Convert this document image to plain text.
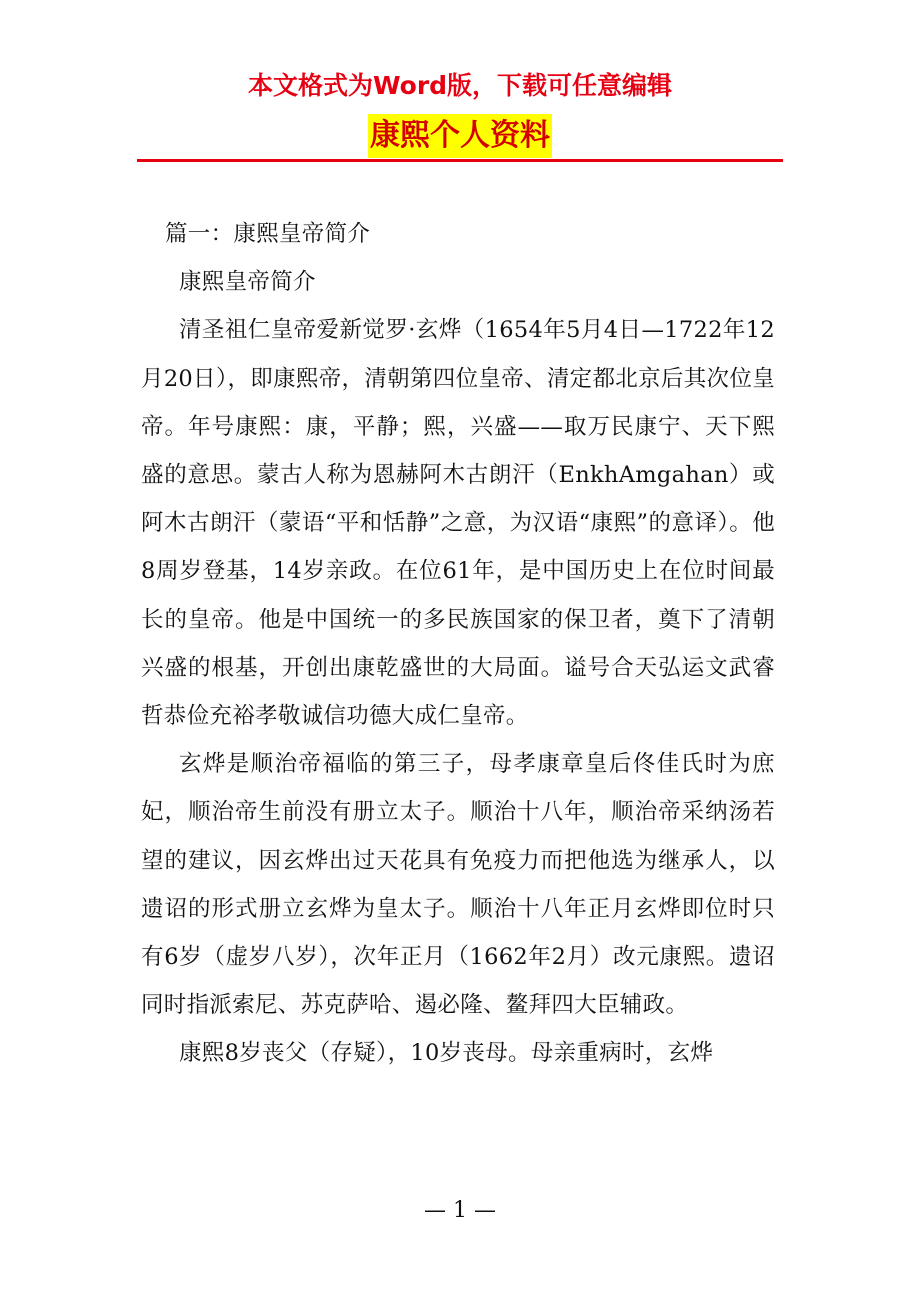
本文格式为Word版，下载可任意编辑
康熙个人资料

篇一：康熙皇帝简介

康熙皇帝简介

清圣祖仁皇帝爱新觉罗·玄烨（1654年5月4日—1722年12月20日），即康熙帝，清朝第四位皇帝、清定都北京后其次位皇帝。年号康熙：康，平静；熙，兴盛——取万民康宁、天下熙盛的意思。蒙古人称为恩赫阿木古朗汗（EnkhAmgahan）或阿木古朗汗（蒙语“平和恬静”之意，为汉语“康熙”的意译）。他8周岁登基，14岁亲政。在位61年，是中国历史上在位时间最长的皇帝。他是中国统一的多民族国家的保卫者，奠下了清朝兴盛的根基，开创出康乾盛世的大局面。谥号合天弘运文武睿哲恭俭充裕孝敬诚信功德大成仁皇帝。

玄烨是顺治帝福临的第三子，母孝康章皇后佟佳氏时为庶妃，顺治帝生前没有册立太子。顺治十八年，顺治帝采纳汤若望的建议，因玄烨出过天花具有免疫力而把他选为继承人，以遗诏的形式册立玄烨为皇太子。顺治十八年正月玄烨即位时只有6岁（虚岁八岁），次年正月（1662年2月）改元康熙。遗诏同时指派索尼、苏克萨哈、遏必隆、鳌拜四大臣辅政。

康熙8岁丧父（存疑），10岁丧母。母亲重病时，玄烨

— 1 —
